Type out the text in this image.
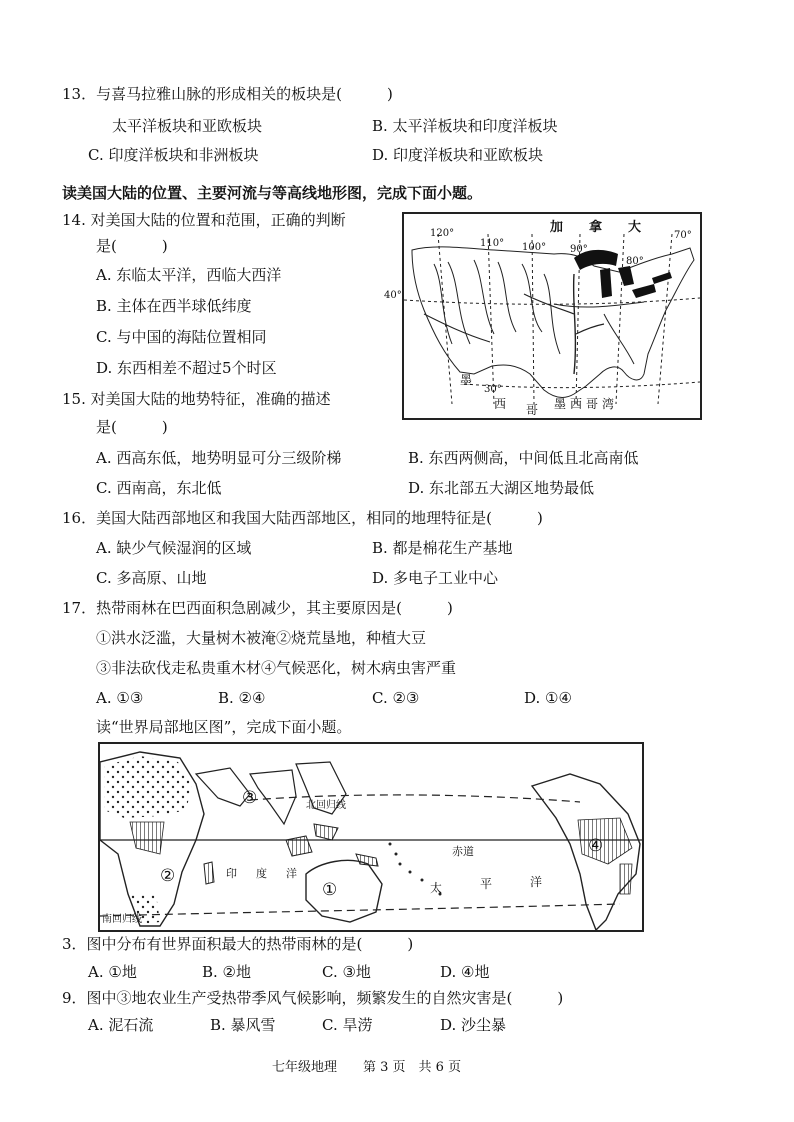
13．与喜马拉雅山脉的形成相关的板块是(　　　)
太平洋板块和亚欧板块	B. 太平洋板块和印度洋板块
C. 印度洋板块和非洲板块	D. 印度洋板块和亚欧板块
读美国大陆的位置、主要河流与等高线地形图，完成下面小题。
14. 对美国大陆的位置和范围，正确的判断
是(　　　)
A. 东临太平洋，西临大西洋
B. 主体在西半球低纬度
C. 与中国的海陆位置相同
D. 东西相差不超过5个时区
15. 对美国大陆的地势特征，准确的描述
是(　　　)
A. 西高东低，地势明显可分三级阶梯	B. 东西两侧高，中间低且北高南低
C. 西南高，东北低	D. 东北部五大湖区地势最低
16．美国大陆西部地区和我国大陆西部地区，相同的地理特征是(　　　)
A. 缺少气候湿润的区域	B. 都是棉花生产基地
C. 多高原、山地	D. 多电子工业中心
17．热带雨林在巴西面积急剧减少，其主要原因是(　　　)
①洪水泛滥，大量树木被淹②烧荒垦地，种植大豆
③非法砍伐走私贵重木材④气候恶化，树木病虫害严重
A. ①③	B. ②④	C. ②③	D. ①④
读“世界局部地区图”，完成下面小题。
3．图中分布有世界面积最大的热带雨林的是(　　　)
A. ①地	B. ②地	C. ③地	D. ④地
9．图中③地农业生产受热带季风气候影响，频繁发生的自然灾害是(　　　)
A. 泥石流	B. 暴风雪	C. 旱涝	D. 沙尘暴
加　　拿　　大
120°
110° 100° 90°
80°
70°
40°
30°
墨
西 哥 墨西哥湾
北回归线
赤道
南回归线
印 度 洋
太	平	洋
①
②
③
④
七年级地理　　第 3 页　共 6 页
